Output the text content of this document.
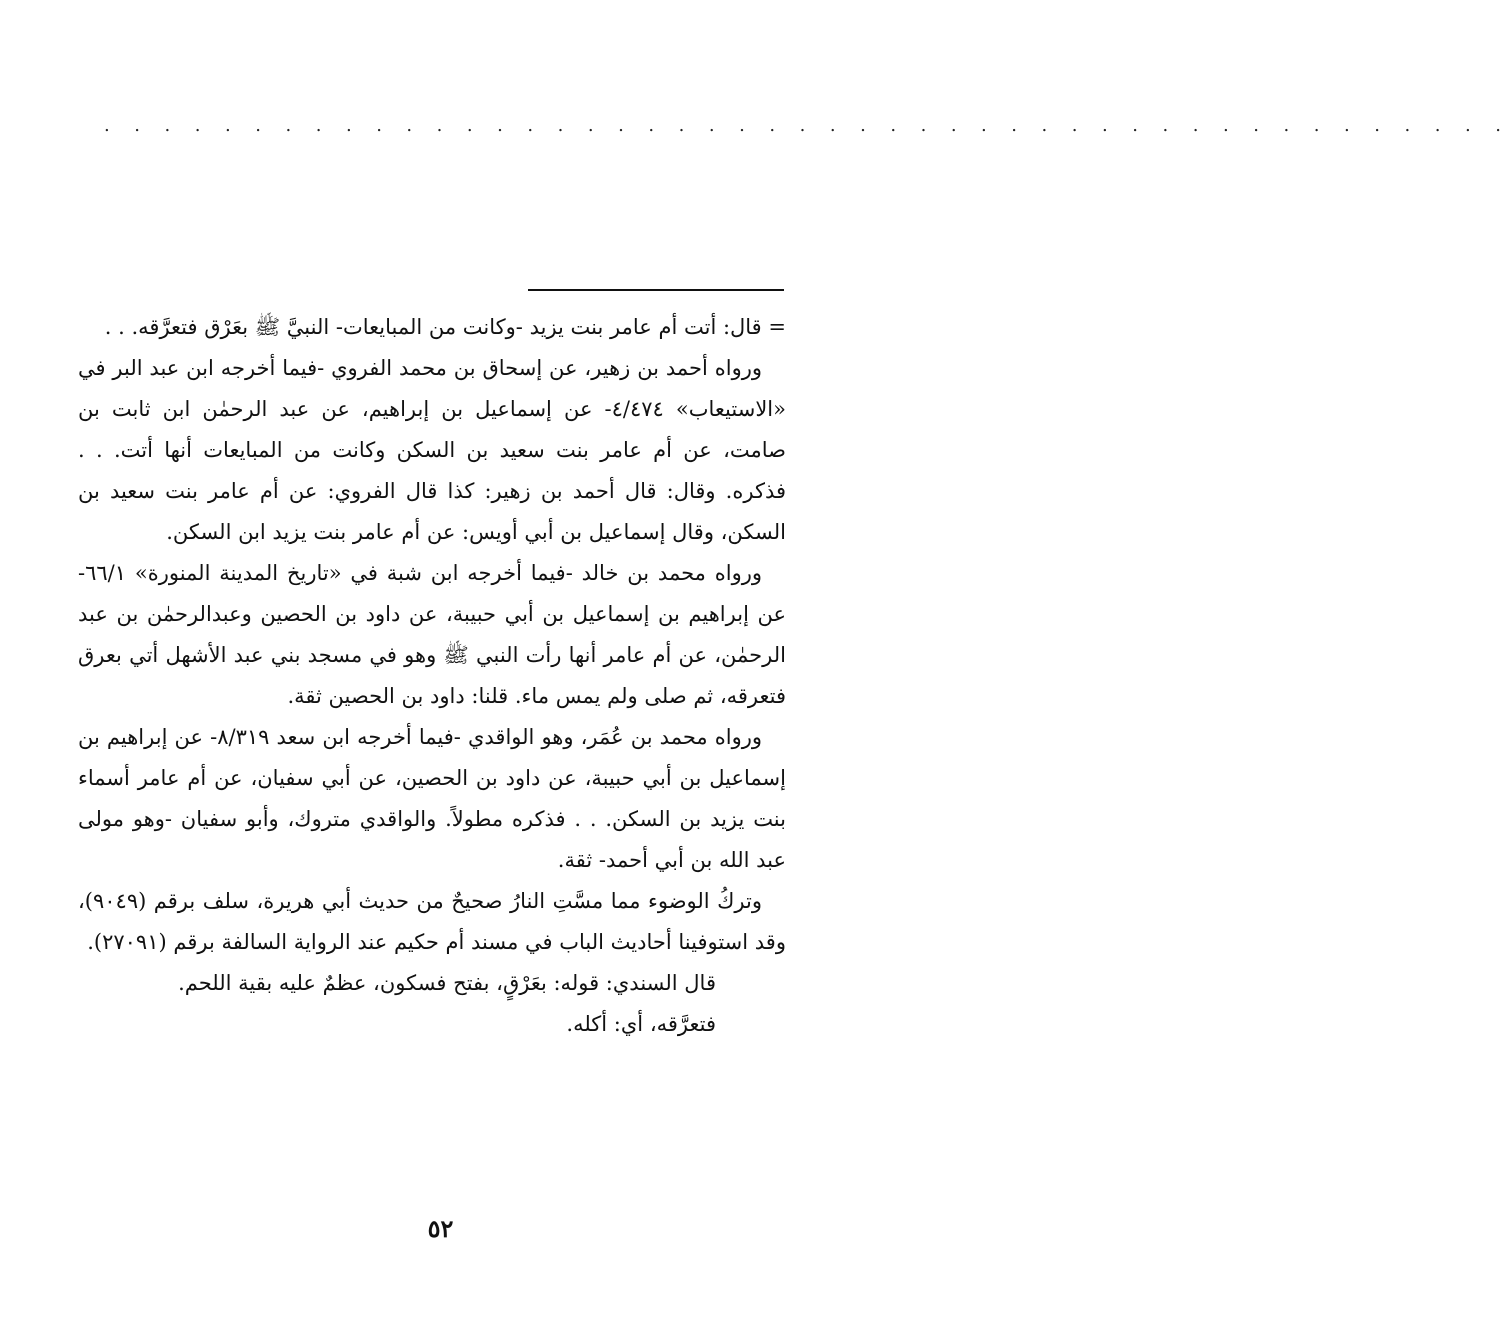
. . . . . . . . . . . . . . . . . . . . . . . . . . . . . . . . . . . . . . . . . . . . . . .

= قال: أتت أم عامر بنت يزيد -وكانت من المبايعات- النبيَّ ﷺ بعَرْق فتعرَّقه. . .

ورواه أحمد بن زهير، عن إسحاق بن محمد الفروي -فيما أخرجه ابن عبد البر في «الاستيعاب» ٤/٤٧٤- عن إسماعيل بن إبراهيم، عن عبد الرحمٰن ابن ثابت بن صامت، عن أم عامر بنت سعيد بن السكن وكانت من المبايعات أنها أتت. . . فذكره. وقال: قال أحمد بن زهير: كذا قال الفروي: عن أم عامر بنت سعيد بن السكن، وقال إسماعيل بن أبي أويس: عن أم عامر بنت يزيد ابن السكن.

ورواه محمد بن خالد -فيما أخرجه ابن شبة في «تاريخ المدينة المنورة» ٦٦/١- عن إبراهيم بن إسماعيل بن أبي حبيبة، عن داود بن الحصين وعبدالرحمٰن بن عبد الرحمٰن، عن أم عامر أنها رأت النبي ﷺ وهو في مسجد بني عبد الأشهل أتي بعرق فتعرقه، ثم صلى ولم يمس ماء. قلنا: داود بن الحصين ثقة.

ورواه محمد بن عُمَر، وهو الواقدي -فيما أخرجه ابن سعد ٨/٣١٩- عن إبراهيم بن إسماعيل بن أبي حبيبة، عن داود بن الحصين، عن أبي سفيان، عن أم عامر أسماء بنت يزيد بن السكن. . . فذكره مطولاً. والواقدي متروك، وأبو سفيان -وهو مولى عبد الله بن أبي أحمد- ثقة.

وتركُ الوضوء مما مسَّتِ النارُ صحيحٌ من حديث أبي هريرة، سلف برقم (٩٠٤٩)، وقد استوفينا أحاديث الباب في مسند أم حكيم عند الرواية السالفة برقم (٢٧٠٩١).

قال السندي: قوله: بعَرْقٍ، بفتح فسكون، عظمٌ عليه بقية اللحم.

فتعرَّقه، أي: أكله.

٥٢
